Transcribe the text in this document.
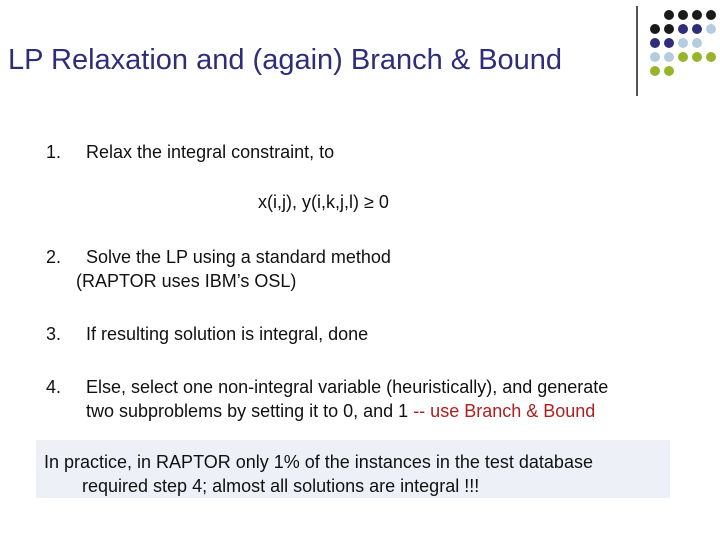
LP Relaxation and (again) Branch & Bound
1. Relax the integral constraint, to
x(i,j), y(i,k,j,l) ≥ 0
2. Solve the LP using a standard method
(RAPTOR uses IBM’s OSL)
3. If resulting solution is integral, done
4. Else, select one non-integral variable (heuristically), and generate
two subproblems by setting it to 0, and 1 -- use Branch & Bound
In practice, in RAPTOR only 1% of the instances in the test database
required step 4; almost all solutions are integral !!!
